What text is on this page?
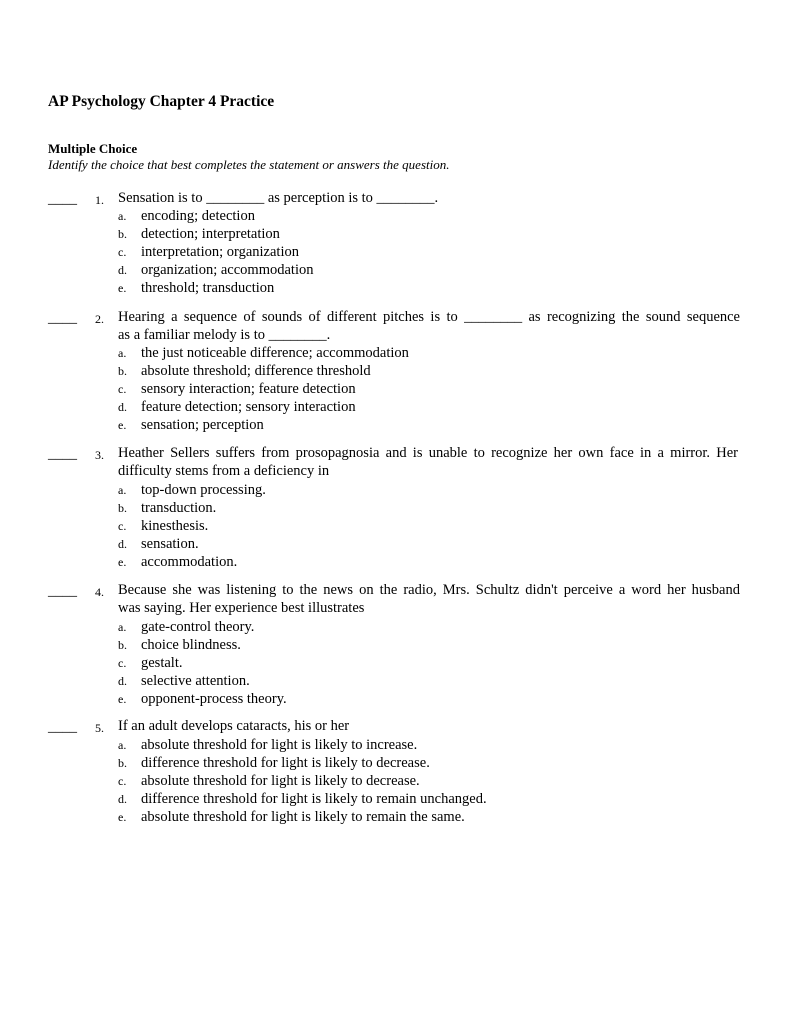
AP Psychology Chapter 4 Practice
Multiple Choice
Identify the choice that best completes the statement or answers the question.
____ 1. Sensation is to ________ as perception is to ________.
a. encoding; detection
b. detection; interpretation
c. interpretation; organization
d. organization; accommodation
e. threshold; transduction
____ 2. Hearing a sequence of sounds of different pitches is to ________ as recognizing the sound sequence
as a familiar melody is to ________.
a. the just noticeable difference; accommodation
b. absolute threshold; difference threshold
c. sensory interaction; feature detection
d. feature detection; sensory interaction
e. sensation; perception
____ 3. Heather Sellers suffers from prosopagnosia and is unable to recognize her own face in a mirror. Her
difficulty stems from a deficiency in
a. top-down processing.
b. transduction.
c. kinesthesis.
d. sensation.
e. accommodation.
____ 4. Because she was listening to the news on the radio, Mrs. Schultz didn't perceive a word her husband
was saying. Her experience best illustrates
a. gate-control theory.
b. choice blindness.
c. gestalt.
d. selective attention.
e. opponent-process theory.
____ 5. If an adult develops cataracts, his or her
a. absolute threshold for light is likely to increase.
b. difference threshold for light is likely to decrease.
c. absolute threshold for light is likely to decrease.
d. difference threshold for light is likely to remain unchanged.
e. absolute threshold for light is likely to remain the same.
